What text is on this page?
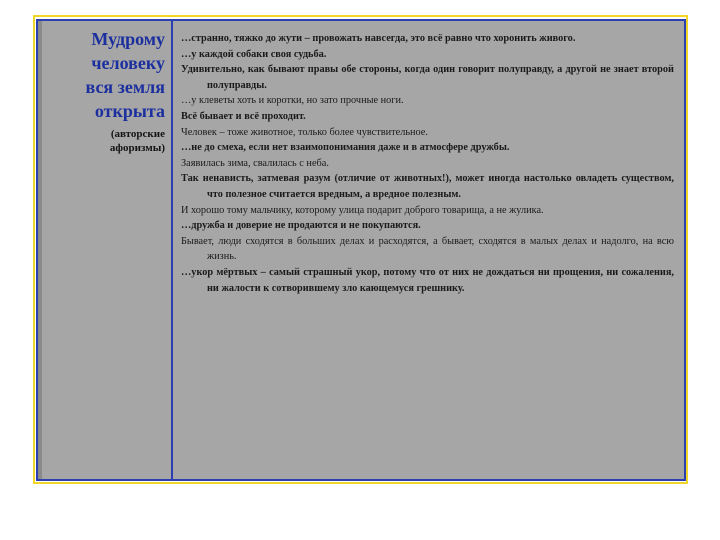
Мудрому
человеку
вся земля
открыта
(авторские
афоризмы)
…странно, тяжко до жути – провожать навсегда, это всё равно что хоронить живого.
…у каждой собаки своя судьба.
Удивительно, как бывают правы обе стороны, когда один говорит полуправду, а другой не знает второй полуправды.
…у клеветы хоть и коротки, но зато прочные ноги.
Всё бывает и всё проходит.
Человек – тоже животное, только более чувствительное.
…не до смеха, если нет взаимопонимания даже и в атмосфере дружбы.
Заявилась зима, свалилась с неба.
Так ненависть, затмевая разум (отличие от животных!), может иногда настолько овладеть существом, что полезное считается вредным, а вредное полезным.
И хорошо тому мальчику, которому улица подарит доброго товарища, а не жулика.
…дружба и доверие не продаются и не покупаются.
Бывает, люди сходятся в больших делах и расходятся, а бывает, сходятся в малых делах и надолго, на всю жизнь.
…укор мёртвых – самый страшный укор, потому что от них не дождаться ни прощения, ни сожаления, ни жалости к сотворившему зло кающемуся грешнику.
